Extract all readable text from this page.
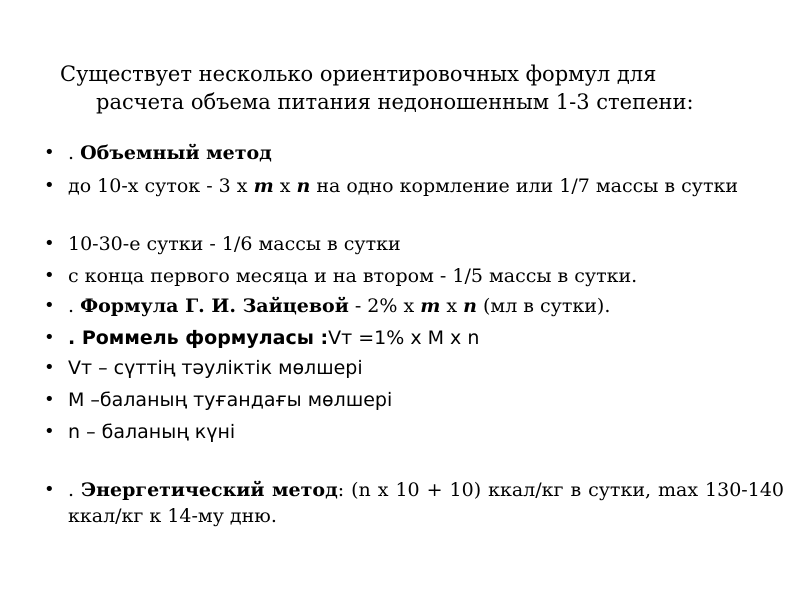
Существует несколько ориентировочных формул для
расчета объема питания недоношенным 1-3 степени:
• . Объемный метод
• до 10-х суток - 3 x m x n на одно кормление или 1/7 массы в сутки
• 10-30-е сутки - 1/6 массы в сутки
• с конца первого месяца и на втором - 1/5 массы в сутки.
• . Формула Г. И. Зайцевой - 2% x m x n (мл в сутки).
• . Роммель формуласы :Vт =1% х М х n
• Vт – сүттің тәуліктік мөлшері
• M –баланың туғандағы мөлшері
• n – баланың күні
• . Энергетический метод: (n x 10 + 10) ккал/кг в сутки, max 130-140 ккал/кг к 14-му дню.
